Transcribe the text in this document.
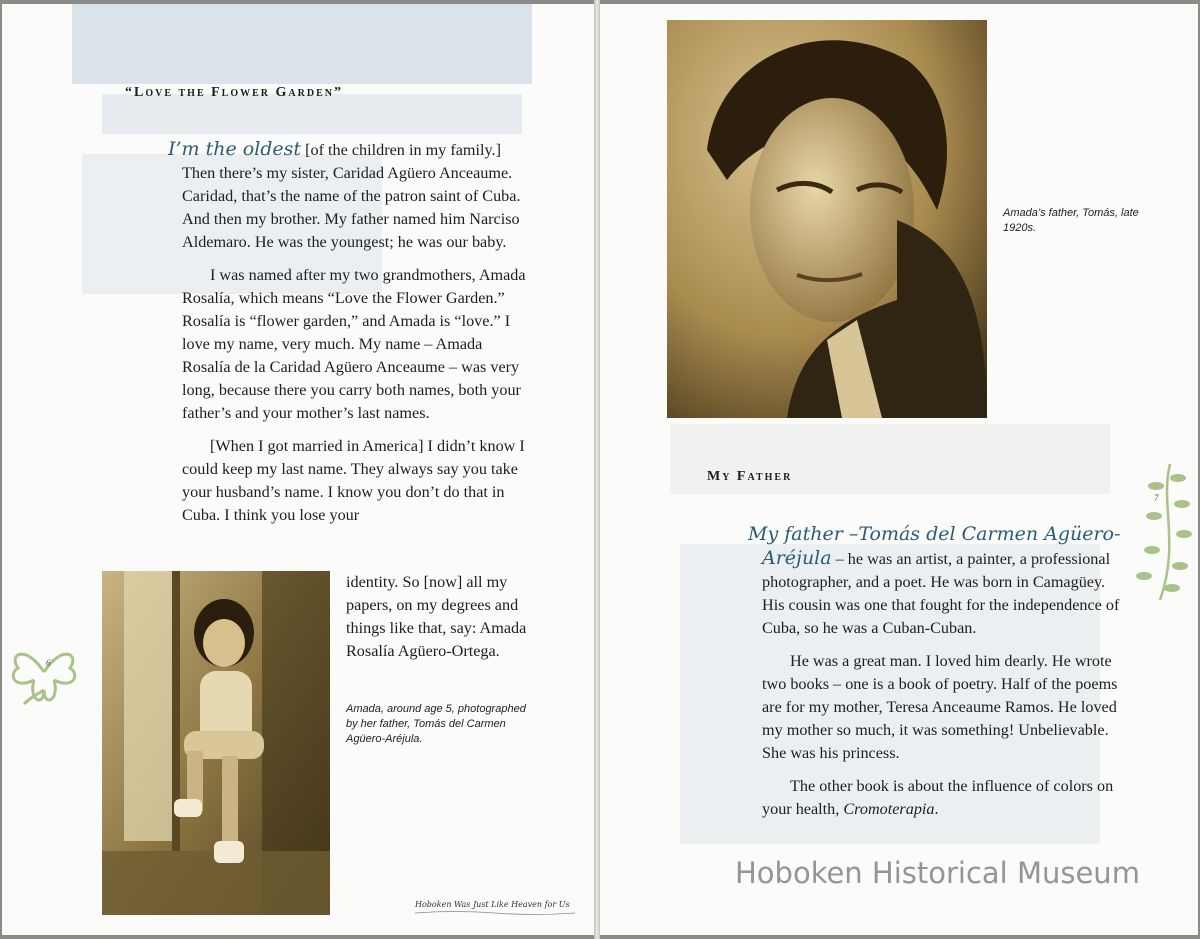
“Love the Flower Garden”

I’m the oldest [of the children in my family.] Then there’s my sister, Caridad Agüero Anceaume. Caridad, that’s the name of the patron saint of Cuba. And then my brother. My father named him Narciso Aldemaro. He was the youngest; he was our baby.

I was named after my two grandmothers, Amada Rosalía, which means “Love the Flower Garden.” Rosalía is “flower garden,” and Amada is “love.” I love my name, very much. My name – Amada Rosalía de la Caridad Agüero Anceaume – was very long, because there you carry both names, both your father’s and your mother’s last names.

[When I got married in America] I didn’t know I could keep my last name. They always say you take your husband’s name. I know you don’t do that in Cuba. I think you lose your

identity. So [now] all my papers, on my degrees and things like that, say: Amada Rosalía Agüero-Ortega.
Amada, around age 5, photographed by her father, Tomás del Carmen Agüero-Aréjula.
6
Hoboken Was Just Like Heaven for Us
Amada’s father, Tomás, late 1920s.
My Father

My father –Tomás del Carmen Agüero-Aréjula – he was an artist, a painter, a professional photographer, and a poet. He was born in Camagüey. His cousin was one that fought for the independence of Cuba, so he was a Cuban-Cuban.

He was a great man. I loved him dearly. He wrote two books – one is a book of poetry. Half of the poems are for my mother, Teresa Anceaume Ramos. He loved my mother so much, it was something! Unbelievable. She was his princess.

The other book is about the influence of colors on your health, Cromoterapia.

7
Hoboken Historical Museum
